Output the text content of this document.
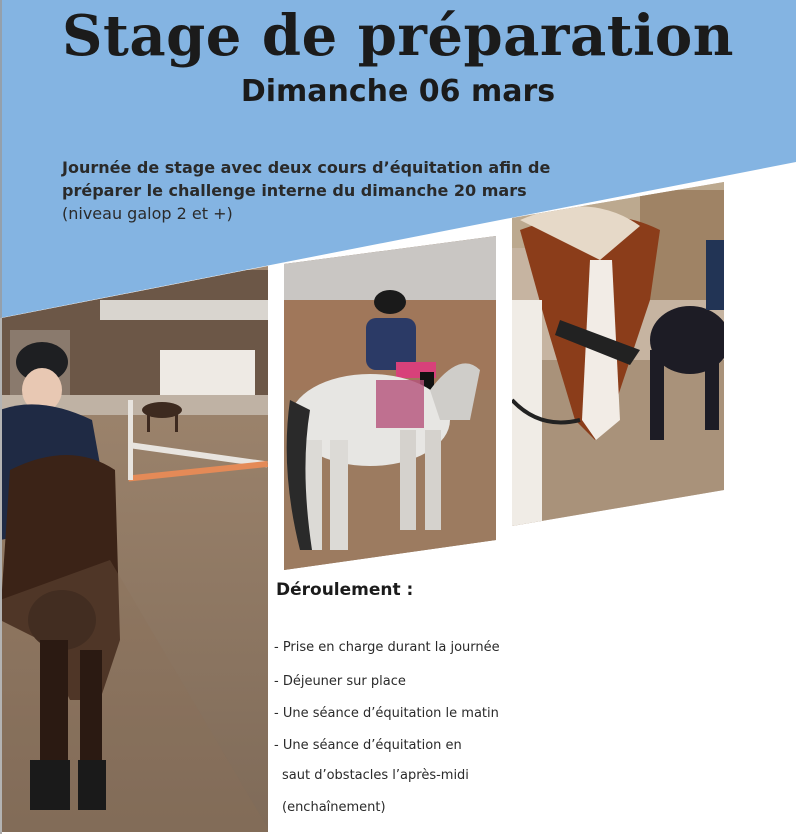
Stage de préparation
Dimanche 06 mars
Journée de stage avec deux cours d’équitation afin de préparer le challenge interne du dimanche 20 mars (niveau galop 2 et +)
Déroulement :
- Prise en charge durant la journée
- Déjeuner sur place
- Une séance d’équitation le matin
- Une séance d’équitation en
saut d’obstacles l’après-midi
(enchaînement)
